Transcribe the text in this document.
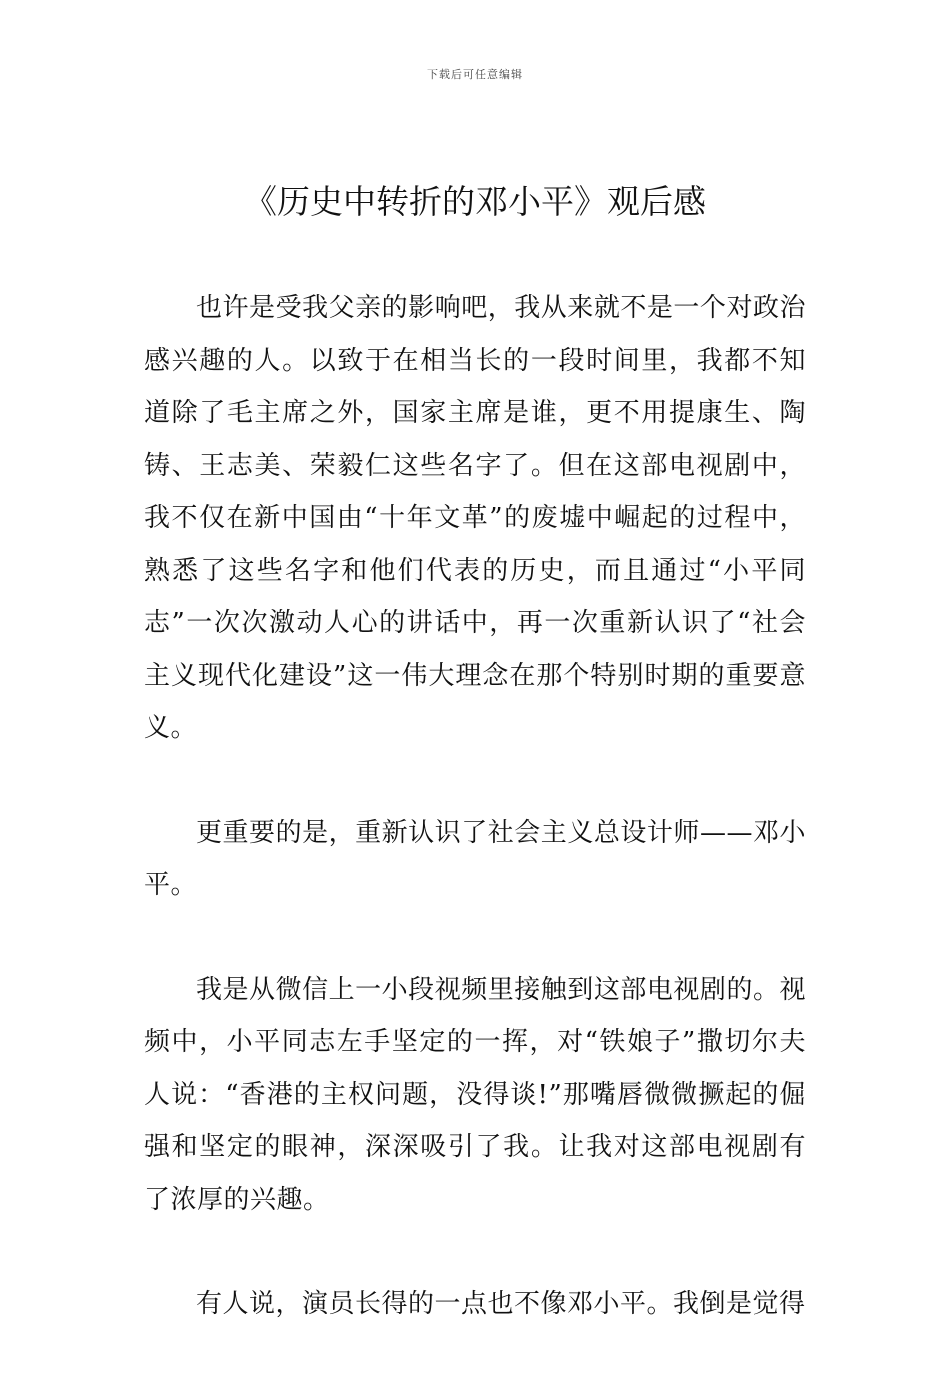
下载后可任意编辑
《历史中转折的邓小平》观后感

也许是受我父亲的影响吧，我从来就不是一个对政治感兴趣的人。以致于在相当长的一段时间里，我都不知道除了毛主席之外，国家主席是谁，更不用提康生、陶铸、王志美、荣毅仁这些名字了。但在这部电视剧中，我不仅在新中国由“十年文革”的废墟中崛起的过程中，熟悉了这些名字和他们代表的历史，而且通过“小平同志”一次次激动人心的讲话中，再一次重新认识了“社会主义现代化建设”这一伟大理念在那个特别时期的重要意义。

更重要的是，重新认识了社会主义总设计师——邓小平。

我是从微信上一小段视频里接触到这部电视剧的。视频中，小平同志左手坚定的一挥，对“铁娘子”撒切尔夫人说：“香港的主权问题，没得谈!”那嘴唇微微撅起的倔强和坚定的眼神，深深吸引了我。让我对这部电视剧有了浓厚的兴趣。

有人说，演员长得的一点也不像邓小平。我倒是觉得
